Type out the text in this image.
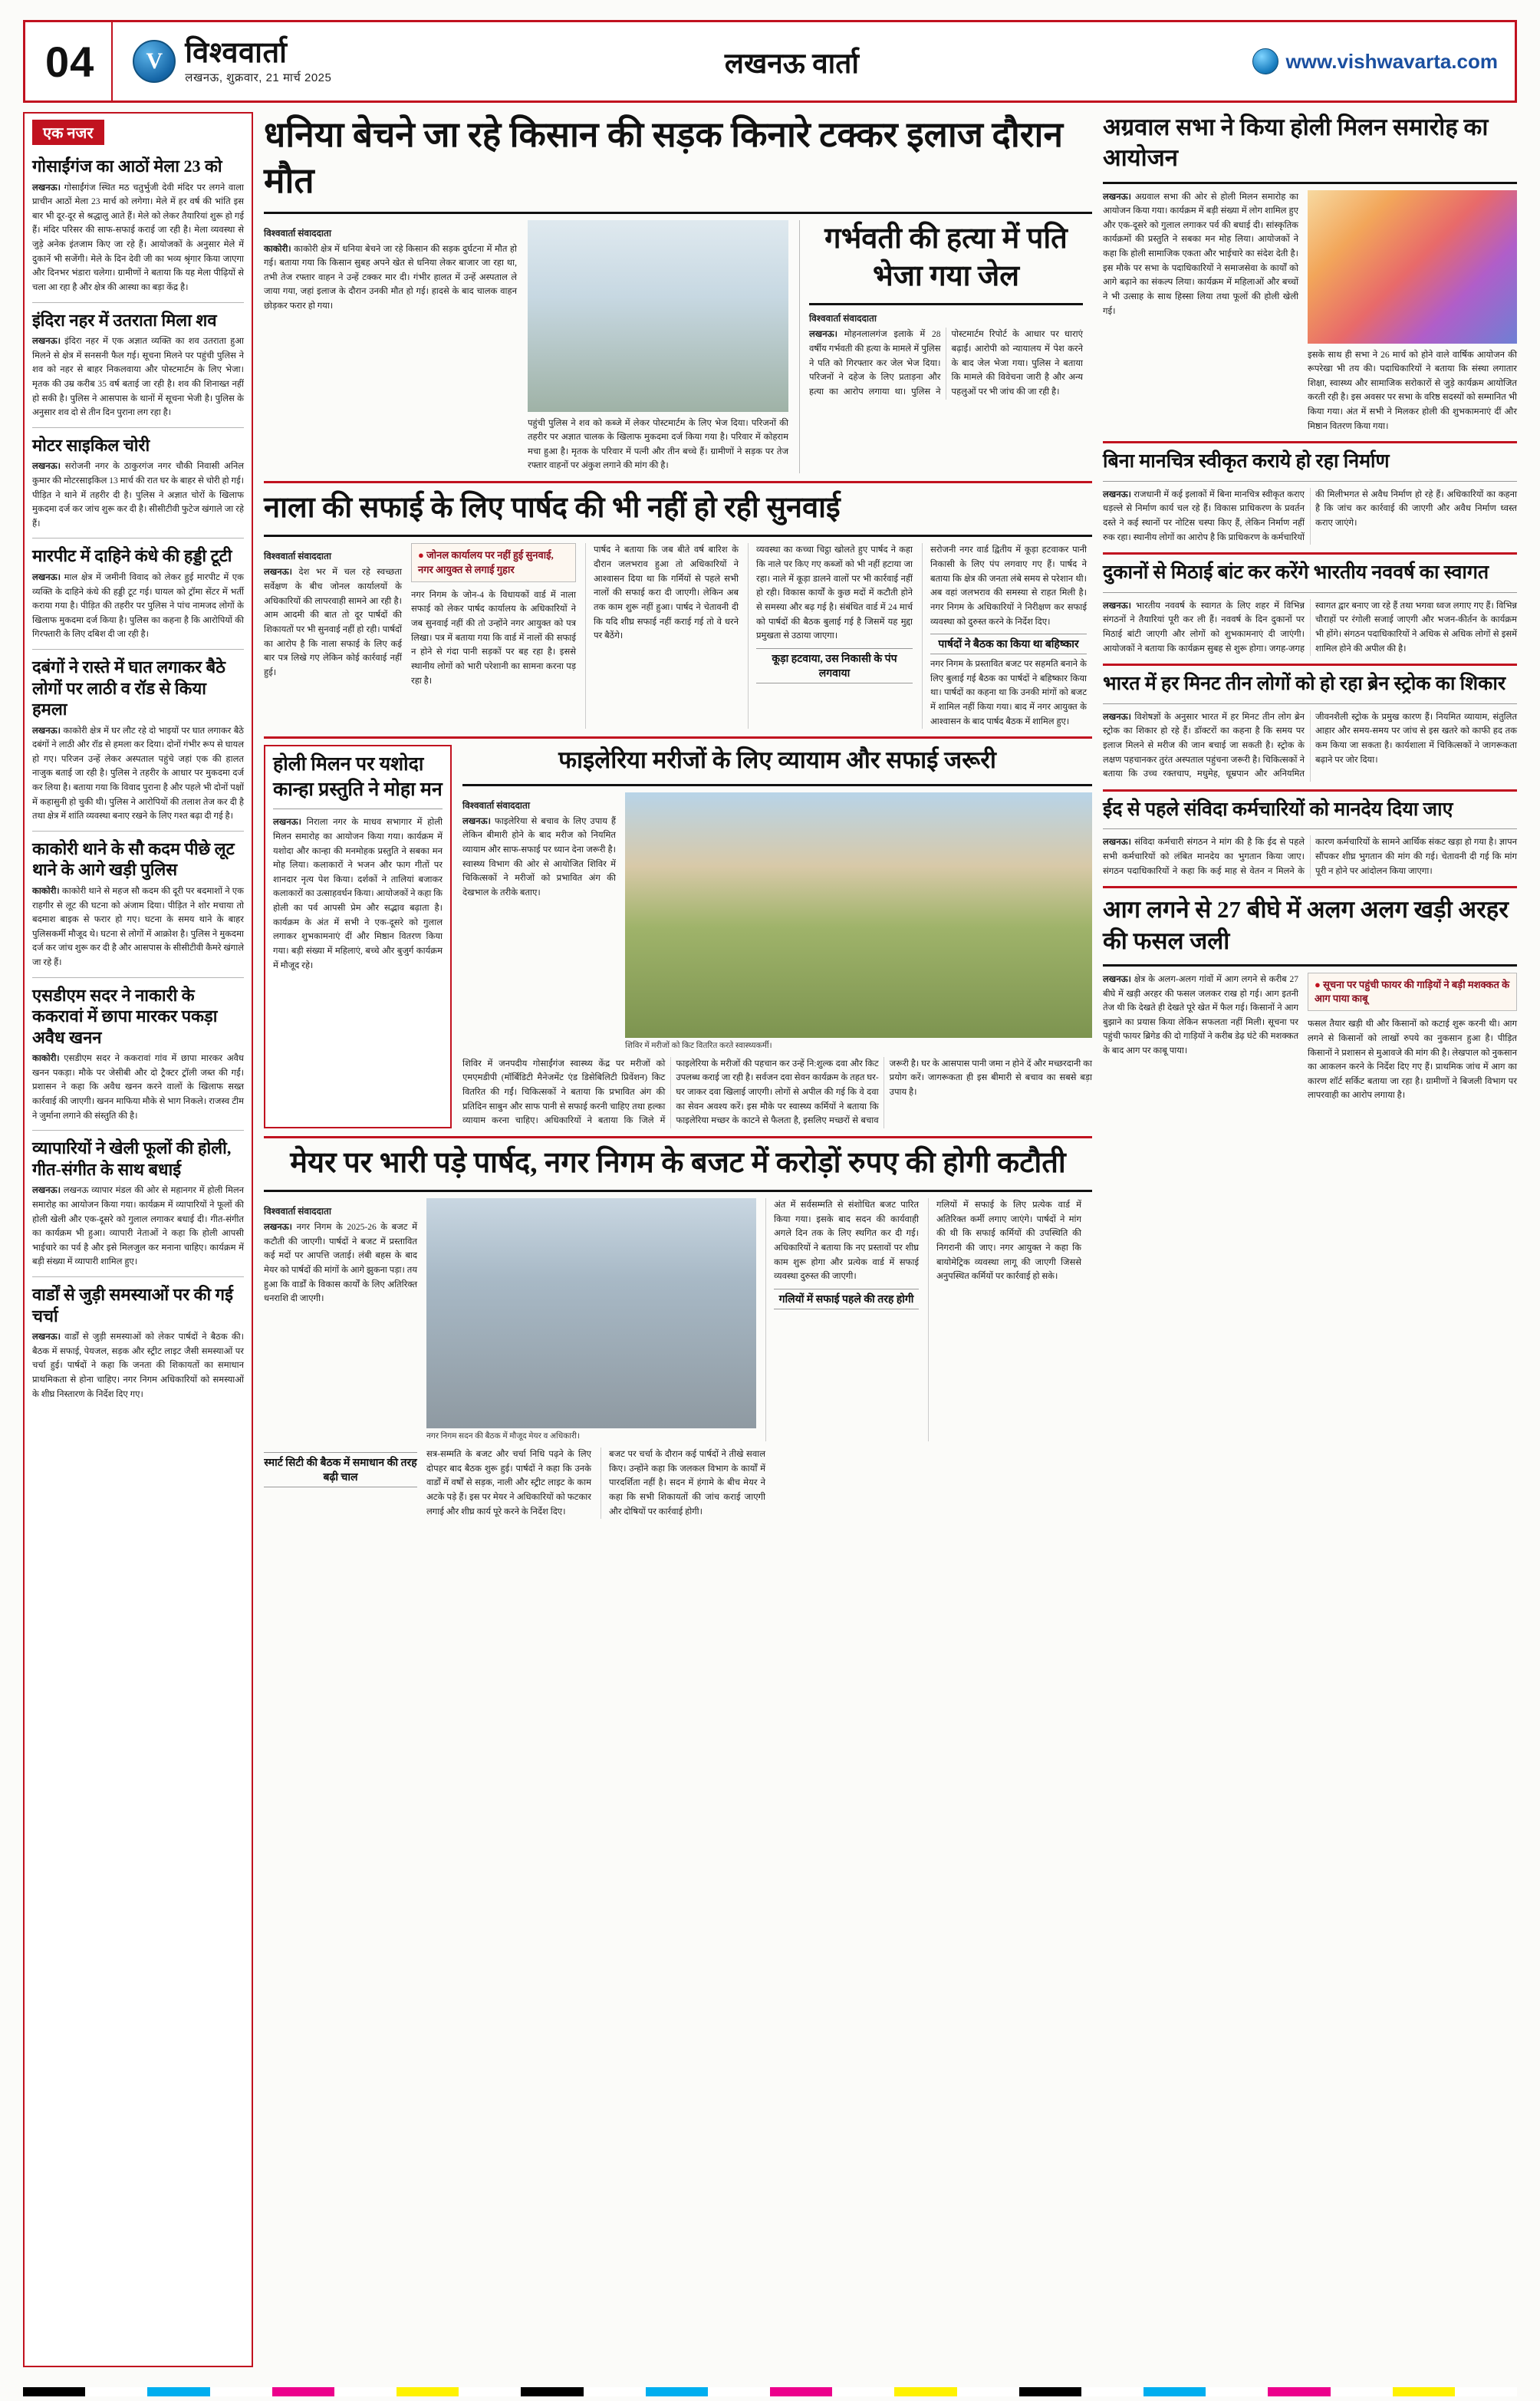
04	V विश्ववार्ता
लखनऊ, शुक्रवार, 21 मार्च 2025	लखनऊ वार्ता	www.vishwavarta.com
एक नजर
गोसाईंगंज का आठों मेला 23 को
लखनऊ। गोसाईंगंज स्थित मठ चतुर्भुजी देवी मंदिर पर लगने वाला प्राचीन आठों मेला 23 मार्च को लगेगा। मेले में हर वर्ष की भांति इस बार भी दूर-दूर से श्रद्धालु आते हैं। मेले को लेकर तैयारियां शुरू हो गई हैं। मंदिर परिसर की साफ-सफाई कराई जा रही है। मेला व्यवस्था से जुड़े अनेक इंतजाम किए जा रहे हैं। आयोजकों के अनुसार मेले में दुकानें भी सजेंगी। मेले के दिन देवी जी का भव्य श्रृंगार किया जाएगा और दिनभर भंडारा चलेगा। ग्रामीणों ने बताया कि यह मेला पीढ़ियों से चला आ रहा है और क्षेत्र की आस्था का बड़ा केंद्र है।
इंदिरा नहर में उतराता मिला शव
लखनऊ। इंदिरा नहर में एक अज्ञात व्यक्ति का शव उतराता हुआ मिलने से क्षेत्र में सनसनी फैल गई। सूचना मिलने पर पहुंची पुलिस ने शव को नहर से बाहर निकलवाया और पोस्टमार्टम के लिए भेजा। मृतक की उम्र करीब 35 वर्ष बताई जा रही है। शव की शिनाख्त नहीं हो सकी है। पुलिस ने आसपास के थानों में सूचना भेजी है। पुलिस के अनुसार शव दो से तीन दिन पुराना लग रहा है।
मोटर साइकिल चोरी
लखनऊ। सरोजनी नगर के ठाकुरगंज नगर चौकी निवासी अनिल कुमार की मोटरसाइकिल 13 मार्च की रात घर के बाहर से चोरी हो गई। पीड़ित ने थाने में तहरीर दी है। पुलिस ने अज्ञात चोरों के खिलाफ मुकदमा दर्ज कर जांच शुरू कर दी है। सीसीटीवी फुटेज खंगाले जा रहे हैं।
मारपीट में दाहिने कंधे की हड्डी टूटी
लखनऊ। माल क्षेत्र में जमीनी विवाद को लेकर हुई मारपीट में एक व्यक्ति के दाहिने कंधे की हड्डी टूट गई। घायल को ट्रॉमा सेंटर में भर्ती कराया गया है। पीड़ित की तहरीर पर पुलिस ने पांच नामजद लोगों के खिलाफ मुकदमा दर्ज किया है। पुलिस का कहना है कि आरोपियों की गिरफ्तारी के लिए दबिश दी जा रही है।
दबंगों ने रास्ते में घात लगाकर बैठे लोगों पर लाठी व रॉड से किया हमला
लखनऊ। काकोरी क्षेत्र में घर लौट रहे दो भाइयों पर घात लगाकर बैठे दबंगों ने लाठी और रॉड से हमला कर दिया। दोनों गंभीर रूप से घायल हो गए। परिजन उन्हें लेकर अस्पताल पहुंचे जहां एक की हालत नाजुक बताई जा रही है। पुलिस ने तहरीर के आधार पर मुकदमा दर्ज कर लिया है। बताया गया कि विवाद पुराना है और पहले भी दोनों पक्षों में कहासुनी हो चुकी थी। पुलिस ने आरोपियों की तलाश तेज कर दी है तथा क्षेत्र में शांति व्यवस्था बनाए रखने के लिए गश्त बढ़ा दी गई है।
काकोरी थाने के सौ कदम पीछे लूट थाने के आगे खड़ी पुलिस
काकोरी। काकोरी थाने से महज सौ कदम की दूरी पर बदमाशों ने एक राहगीर से लूट की घटना को अंजाम दिया। पीड़ित ने शोर मचाया तो बदमाश बाइक से फरार हो गए। घटना के समय थाने के बाहर पुलिसकर्मी मौजूद थे। घटना से लोगों में आक्रोश है। पुलिस ने मुकदमा दर्ज कर जांच शुरू कर दी है और आसपास के सीसीटीवी कैमरे खंगाले जा रहे हैं।
एसडीएम सदर ने नाकारी के ककरावां में छापा मारकर पकड़ा अवैध खनन
काकोरी। एसडीएम सदर ने ककरावां गांव में छापा मारकर अवैध खनन पकड़ा। मौके पर जेसीबी और दो ट्रैक्टर ट्रॉली जब्त की गईं। प्रशासन ने कहा कि अवैध खनन करने वालों के खिलाफ सख्त कार्रवाई की जाएगी। खनन माफिया मौके से भाग निकले। राजस्व टीम ने जुर्माना लगाने की संस्तुति की है।
व्यापारियों ने खेली फूलों की होली, गीत-संगीत के साथ बधाई
लखनऊ। लखनऊ व्यापार मंडल की ओर से महानगर में होली मिलन समारोह का आयोजन किया गया। कार्यक्रम में व्यापारियों ने फूलों की होली खेली और एक-दूसरे को गुलाल लगाकर बधाई दी। गीत-संगीत का कार्यक्रम भी हुआ। व्यापारी नेताओं ने कहा कि होली आपसी भाईचारे का पर्व है और इसे मिलजुल कर मनाना चाहिए। कार्यक्रम में बड़ी संख्या में व्यापारी शामिल हुए।
वार्डों से जुड़ी समस्याओं पर की गई चर्चा
लखनऊ। वार्डों से जुड़ी समस्याओं को लेकर पार्षदों ने बैठक की। बैठक में सफाई, पेयजल, सड़क और स्ट्रीट लाइट जैसी समस्याओं पर चर्चा हुई। पार्षदों ने कहा कि जनता की शिकायतों का समाधान प्राथमिकता से होना चाहिए। नगर निगम अधिकारियों को समस्याओं के शीघ्र निस्तारण के निर्देश दिए गए।
धनिया बेचने जा रहे किसान की सड़क किनारे टक्कर इलाज दौरान मौत
विश्ववार्ता संवाददाता
काकोरी। काकोरी क्षेत्र में धनिया बेचने जा रहे किसान की सड़क दुर्घटना में मौत हो गई। बताया गया कि किसान सुबह अपने खेत से धनिया लेकर बाजार जा रहा था, तभी तेज रफ्तार वाहन ने उन्हें टक्कर मार दी। गंभीर हालत में उन्हें अस्पताल ले जाया गया, जहां इलाज के दौरान उनकी मौत हो गई। हादसे के बाद चालक वाहन छोड़कर फरार हो गया।
पहुंची पुलिस ने शव को कब्जे में लेकर पोस्टमार्टम के लिए भेज दिया। परिजनों की तहरीर पर अज्ञात चालक के खिलाफ मुकदमा दर्ज किया गया है। परिवार में कोहराम मचा हुआ है। मृतक के परिवार में पत्नी और तीन बच्चे हैं। ग्रामीणों ने सड़क पर तेज रफ्तार वाहनों पर अंकुश लगाने की मांग की है।
गर्भवती की हत्या में पति भेजा गया जेल
विश्ववार्ता संवाददाता
लखनऊ। मोहनलालगंज इलाके में 28 वर्षीय गर्भवती की हत्या के मामले में पुलिस ने पति को गिरफ्तार कर जेल भेज दिया। परिजनों ने दहेज के लिए प्रताड़ना और हत्या का आरोप लगाया था। पुलिस ने पोस्टमार्टम रिपोर्ट के आधार पर धाराएं बढ़ाईं। आरोपी को न्यायालय में पेश करने के बाद जेल भेजा गया। पुलिस ने बताया कि मामले की विवेचना जारी है और अन्य पहलुओं पर भी जांच की जा रही है।
नाला की सफाई के लिए पार्षद की भी नहीं हो रही सुनवाई
विश्ववार्ता संवाददाता
लखनऊ। देश भर में चल रहे स्वच्छता सर्वेक्षण के बीच जोनल कार्यालयों के अधिकारियों की लापरवाही सामने आ रही है। आम आदमी की बात तो दूर पार्षदों की शिकायतों पर भी सुनवाई नहीं हो रही। पार्षदों का आरोप है कि नाला सफाई के लिए कई बार पत्र लिखे गए लेकिन कोई कार्रवाई नहीं हुई।
● जोनल कार्यालय पर नहीं हुई सुनवाई, नगर आयुक्त से लगाई गुहार
नगर निगम के जोन-4 के विधायकों वार्ड में नाला सफाई को लेकर पार्षद कार्यालय के अधिकारियों ने जब सुनवाई नहीं की तो उन्होंने नगर आयुक्त को पत्र लिखा। पत्र में बताया गया कि वार्ड में नालों की सफाई न होने से गंदा पानी सड़कों पर बह रहा है। इससे स्थानीय लोगों को भारी परेशानी का सामना करना पड़ रहा है।
पार्षद ने बताया कि जब बीते वर्ष बारिश के दौरान जलभराव हुआ तो अधिकारियों ने आश्वासन दिया था कि गर्मियों से पहले सभी नालों की सफाई करा दी जाएगी। लेकिन अब तक काम शुरू नहीं हुआ। पार्षद ने चेतावनी दी कि यदि शीघ्र सफाई नहीं कराई गई तो वे धरने पर बैठेंगे।
व्यवस्था का कच्चा चिट्ठा खोलते हुए पार्षद ने कहा कि नाले पर किए गए कब्जों को भी नहीं हटाया जा रहा। नाले में कूड़ा डालने वालों पर भी कार्रवाई नहीं हो रही। विकास कार्यों के कुछ मदों में कटौती होने से समस्या और बढ़ गई है। संबंधित वार्ड में 24 मार्च को पार्षदों की बैठक बुलाई गई है जिसमें यह मुद्दा प्रमुखता से उठाया जाएगा।
कूड़ा हटवाया, उस निकासी के पंप लगवाया
सरोजनी नगर वार्ड द्वितीय में कूड़ा हटवाकर पानी निकासी के लिए पंप लगवाए गए हैं। पार्षद ने बताया कि क्षेत्र की जनता लंबे समय से परेशान थी। अब वहां जलभराव की समस्या से राहत मिली है। नगर निगम के अधिकारियों ने निरीक्षण कर सफाई व्यवस्था को दुरुस्त करने के निर्देश दिए।
पार्षदों ने बैठक का किया था बहिष्कार
नगर निगम के प्रस्तावित बजट पर सहमति बनाने के लिए बुलाई गई बैठक का पार्षदों ने बहिष्कार किया था। पार्षदों का कहना था कि उनकी मांगों को बजट में शामिल नहीं किया गया। बाद में नगर आयुक्त के आश्वासन के बाद पार्षद बैठक में शामिल हुए।
होली मिलन पर यशोदा कान्हा प्रस्तुति ने मोहा मन
लखनऊ। निराला नगर के माधव सभागार में होली मिलन समारोह का आयोजन किया गया। कार्यक्रम में यशोदा और कान्हा की मनमोहक प्रस्तुति ने सबका मन मोह लिया। कलाकारों ने भजन और फाग गीतों पर शानदार नृत्य पेश किया। दर्शकों ने तालियां बजाकर कलाकारों का उत्साहवर्धन किया। आयोजकों ने कहा कि होली का पर्व आपसी प्रेम और सद्भाव बढ़ाता है। कार्यक्रम के अंत में सभी ने एक-दूसरे को गुलाल लगाकर शुभकामनाएं दीं और मिष्ठान वितरण किया गया। बड़ी संख्या में महिलाएं, बच्चे और बुजुर्ग कार्यक्रम में मौजूद रहे।
फाइलेरिया मरीजों के लिए व्यायाम और सफाई जरूरी
विश्ववार्ता संवाददाता
लखनऊ। फाइलेरिया से बचाव के लिए उपाय हैं लेकिन बीमारी होने के बाद मरीज को नियमित व्यायाम और साफ-सफाई पर ध्यान देना जरूरी है। स्वास्थ्य विभाग की ओर से आयोजित शिविर में चिकित्सकों ने मरीजों को प्रभावित अंग की देखभाल के तरीके बताए।
शिविर में मरीजों को किट वितरित करते स्वास्थ्यकर्मी।
शिविर में जनपदीय गोसाईंगंज स्वास्थ्य केंद्र पर मरीजों को एमएमडीपी (मॉर्बिडिटी मैनेजमेंट एंड डिसेबिलिटी प्रिवेंशन) किट वितरित की गईं। चिकित्सकों ने बताया कि प्रभावित अंग की प्रतिदिन साबुन और साफ पानी से सफाई करनी चाहिए तथा हल्का व्यायाम करना चाहिए। अधिकारियों ने बताया कि जिले में फाइलेरिया के मरीजों की पहचान कर उन्हें नि:शुल्क दवा और किट उपलब्ध कराई जा रही है। सर्वजन दवा सेवन कार्यक्रम के तहत घर-घर जाकर दवा खिलाई जाएगी। लोगों से अपील की गई कि वे दवा का सेवन अवश्य करें। इस मौके पर स्वास्थ्य कर्मियों ने बताया कि फाइलेरिया मच्छर के काटने से फैलता है, इसलिए मच्छरों से बचाव जरूरी है। घर के आसपास पानी जमा न होने दें और मच्छरदानी का प्रयोग करें। जागरूकता ही इस बीमारी से बचाव का सबसे बड़ा उपाय है।
मेयर पर भारी पड़े पार्षद, नगर निगम के बजट में करोड़ों रुपए की होगी कटौती
विश्ववार्ता संवाददाता
लखनऊ। नगर निगम के 2025-26 के बजट में कटौती की जाएगी। पार्षदों ने बजट में प्रस्तावित कई मदों पर आपत्ति जताई। लंबी बहस के बाद मेयर को पार्षदों की मांगों के आगे झुकना पड़ा। तय हुआ कि वार्डों के विकास कार्यों के लिए अतिरिक्त धनराशि दी जाएगी।
नगर निगम सदन की बैठक में मौजूद मेयर व अधिकारी।
अंत में सर्वसम्मति से संशोधित बजट पारित किया गया। इसके बाद सदन की कार्यवाही अगले दिन तक के लिए स्थगित कर दी गई। अधिकारियों ने बताया कि नए प्रस्तावों पर शीघ्र काम शुरू होगा और प्रत्येक वार्ड में सफाई व्यवस्था दुरुस्त की जाएगी।
गलियों में सफाई पहले की तरह होगी
गलियों में सफाई के लिए प्रत्येक वार्ड में अतिरिक्त कर्मी लगाए जाएंगे। पार्षदों ने मांग की थी कि सफाई कर्मियों की उपस्थिति की निगरानी की जाए। नगर आयुक्त ने कहा कि बायोमेट्रिक व्यवस्था लागू की जाएगी जिससे अनुपस्थित कर्मियों पर कार्रवाई हो सके।
स्मार्ट सिटी की बैठक में समाधान की तरह बढ़ी चाल
सत्र-सम्मति के बजट और चर्चा निधि पढ़ने के लिए दोपहर बाद बैठक शुरू हुई। पार्षदों ने कहा कि उनके वार्डों में वर्षों से सड़क, नाली और स्ट्रीट लाइट के काम अटके पड़े हैं। इस पर मेयर ने अधिकारियों को फटकार लगाई और शीघ्र कार्य पूरे करने के निर्देश दिए।
बजट पर चर्चा के दौरान कई पार्षदों ने तीखे सवाल किए। उन्होंने कहा कि जलकल विभाग के कार्यों में पारदर्शिता नहीं है। सदन में हंगामे के बीच मेयर ने कहा कि सभी शिकायतों की जांच कराई जाएगी और दोषियों पर कार्रवाई होगी।
अग्रवाल सभा ने किया होली मिलन समारोह का आयोजन
लखनऊ। अग्रवाल सभा की ओर से होली मिलन समारोह का आयोजन किया गया। कार्यक्रम में बड़ी संख्या में लोग शामिल हुए और एक-दूसरे को गुलाल लगाकर पर्व की बधाई दी। सांस्कृतिक कार्यक्रमों की प्रस्तुति ने सबका मन मोह लिया। आयोजकों ने कहा कि होली सामाजिक एकता और भाईचारे का संदेश देती है। इस मौके पर सभा के पदाधिकारियों ने समाजसेवा के कार्यों को आगे बढ़ाने का संकल्प लिया। कार्यक्रम में महिलाओं और बच्चों ने भी उत्साह के साथ हिस्सा लिया तथा फूलों की होली खेली गई।
इसके साथ ही सभा ने 26 मार्च को होने वाले वार्षिक आयोजन की रूपरेखा भी तय की। पदाधिकारियों ने बताया कि संस्था लगातार शिक्षा, स्वास्थ्य और सामाजिक सरोकारों से जुड़े कार्यक्रम आयोजित करती रही है। इस अवसर पर सभा के वरिष्ठ सदस्यों को सम्मानित भी किया गया। अंत में सभी ने मिलकर होली की शुभकामनाएं दीं और मिष्ठान वितरण किया गया।
बिना मानचित्र स्वीकृत कराये हो रहा निर्माण
लखनऊ। राजधानी में कई इलाकों में बिना मानचित्र स्वीकृत कराए धड़ल्ले से निर्माण कार्य चल रहे हैं। विकास प्राधिकरण के प्रवर्तन दस्ते ने कई स्थानों पर नोटिस चस्पा किए हैं, लेकिन निर्माण नहीं रुक रहा। स्थानीय लोगों का आरोप है कि प्राधिकरण के कर्मचारियों की मिलीभगत से अवैध निर्माण हो रहे हैं। अधिकारियों का कहना है कि जांच कर कार्रवाई की जाएगी और अवैध निर्माण ध्वस्त कराए जाएंगे।
दुकानों से मिठाई बांट कर करेंगे भारतीय नववर्ष का स्वागत
लखनऊ। भारतीय नववर्ष के स्वागत के लिए शहर में विभिन्न संगठनों ने तैयारियां पूरी कर ली हैं। नववर्ष के दिन दुकानों पर मिठाई बांटी जाएगी और लोगों को शुभकामनाएं दी जाएंगी। आयोजकों ने बताया कि कार्यक्रम सुबह से शुरू होगा। जगह-जगह स्वागत द्वार बनाए जा रहे हैं तथा भगवा ध्वज लगाए गए हैं। विभिन्न चौराहों पर रंगोली सजाई जाएगी और भजन-कीर्तन के कार्यक्रम भी होंगे। संगठन पदाधिकारियों ने अधिक से अधिक लोगों से इसमें शामिल होने की अपील की है।
भारत में हर मिनट तीन लोगों को हो रहा ब्रेन स्ट्रोक का शिकार
लखनऊ। विशेषज्ञों के अनुसार भारत में हर मिनट तीन लोग ब्रेन स्ट्रोक का शिकार हो रहे हैं। डॉक्टरों का कहना है कि समय पर इलाज मिलने से मरीज की जान बचाई जा सकती है। स्ट्रोक के लक्षण पहचानकर तुरंत अस्पताल पहुंचना जरूरी है। चिकित्सकों ने बताया कि उच्च रक्तचाप, मधुमेह, धूम्रपान और अनियमित जीवनशैली स्ट्रोक के प्रमुख कारण हैं। नियमित व्यायाम, संतुलित आहार और समय-समय पर जांच से इस खतरे को काफी हद तक कम किया जा सकता है। कार्यशाला में चिकित्सकों ने जागरूकता बढ़ाने पर जोर दिया।
ईद से पहले संविदा कर्मचारियों को मानदेय दिया जाए
लखनऊ। संविदा कर्मचारी संगठन ने मांग की है कि ईद से पहले सभी कर्मचारियों को लंबित मानदेय का भुगतान किया जाए। संगठन पदाधिकारियों ने कहा कि कई माह से वेतन न मिलने के कारण कर्मचारियों के सामने आर्थिक संकट खड़ा हो गया है। ज्ञापन सौंपकर शीघ्र भुगतान की मांग की गई। चेतावनी दी गई कि मांग पूरी न होने पर आंदोलन किया जाएगा।
आग लगने से 27 बीघे में अलग अलग खड़ी अरहर की फसल जली
लखनऊ। क्षेत्र के अलग-अलग गांवों में आग लगने से करीब 27 बीघे में खड़ी अरहर की फसल जलकर राख हो गई। आग इतनी तेज थी कि देखते ही देखते पूरे खेत में फैल गई। किसानों ने आग बुझाने का प्रयास किया लेकिन सफलता नहीं मिली। सूचना पर पहुंची फायर ब्रिगेड की दो गाड़ियों ने करीब डेढ़ घंटे की मशक्कत के बाद आग पर काबू पाया।
● सूचना पर पहुंची फायर की गाड़ियों ने बड़ी मशक्कत के आग पाया काबू
फसल तैयार खड़ी थी और किसानों को कटाई शुरू करनी थी। आग लगने से किसानों को लाखों रुपये का नुकसान हुआ है। पीड़ित किसानों ने प्रशासन से मुआवजे की मांग की है। लेखपाल को नुकसान का आकलन करने के निर्देश दिए गए हैं। प्राथमिक जांच में आग का कारण शॉर्ट सर्किट बताया जा रहा है। ग्रामीणों ने बिजली विभाग पर लापरवाही का आरोप लगाया है।
